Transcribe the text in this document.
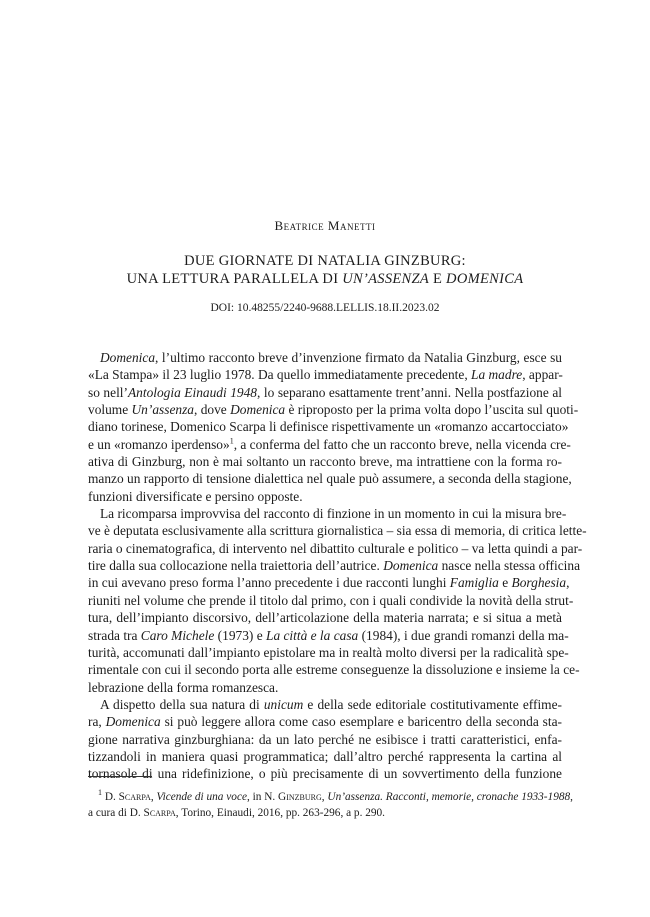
Beatrice Manetti
DUE GIORNATE DI NATALIA GINZBURG:
UNA LETTURA PARALLELA DI UN’ASSENZA E DOMENICA
DOI: 10.48255/2240-9688.LELLIS.18.II.2023.02
Domenica, l’ultimo racconto breve d’invenzione firmato da Natalia Ginzburg, esce su
«La Stampa» il 23 luglio 1978. Da quello immediatamente precedente, La madre, appar-
so nell’Antologia Einaudi 1948, lo separano esattamente trent’anni. Nella postfazione al
volume Un’assenza, dove Domenica è riproposto per la prima volta dopo l’uscita sul quoti-
diano torinese, Domenico Scarpa li definisce rispettivamente un «romanzo accartocciato»
e un «romanzo iperdenso»$^1$, a conferma del fatto che un racconto breve, nella vicenda cre-
ativa di Ginzburg, non è mai soltanto un racconto breve, ma intrattiene con la forma ro-
manzo un rapporto di tensione dialettica nel quale può assumere, a seconda della stagione,
funzioni diversificate e persino opposte.
La ricomparsa improvvisa del racconto di finzione in un momento in cui la misura bre-
ve è deputata esclusivamente alla scrittura giornalistica – sia essa di memoria, di critica lette-
raria o cinematografica, di intervento nel dibattito culturale e politico – va letta quindi a par-
tire dalla sua collocazione nella traiettoria dell’autrice. Domenica nasce nella stessa officina
in cui avevano preso forma l’anno precedente i due racconti lunghi Famiglia e Borghesia,
riuniti nel volume che prende il titolo dal primo, con i quali condivide la novità della strut-
tura, dell’impianto discorsivo, dell’articolazione della materia narrata; e si situa a metà
strada tra Caro Michele (1973) e La città e la casa (1984), i due grandi romanzi della ma-
turità, accomunati dall’impianto epistolare ma in realtà molto diversi per la radicalità spe-
rimentale con cui il secondo porta alle estreme conseguenze la dissoluzione e insieme la ce-
lebrazione della forma romanzesca.
A dispetto della sua natura di unicum e della sede editoriale costitutivamente effime-
ra, Domenica si può leggere allora come caso esemplare e baricentro della seconda sta-
gione narrativa ginzburghiana: da un lato perché ne esibisce i tratti caratteristici, enfa-
tizzandoli in maniera quasi programmatica; dall’altro perché rappresenta la cartina al
tornasole di una ridefinizione, o più precisamente di un sovvertimento della funzione
$^1$ D. Scarpa, Vicende di una voce, in N. Ginzburg, Un’assenza. Racconti, memorie, cronache 1933-1988,
a cura di D. Scarpa, Torino, Einaudi, 2016, pp. 263-296, a p. 290.
